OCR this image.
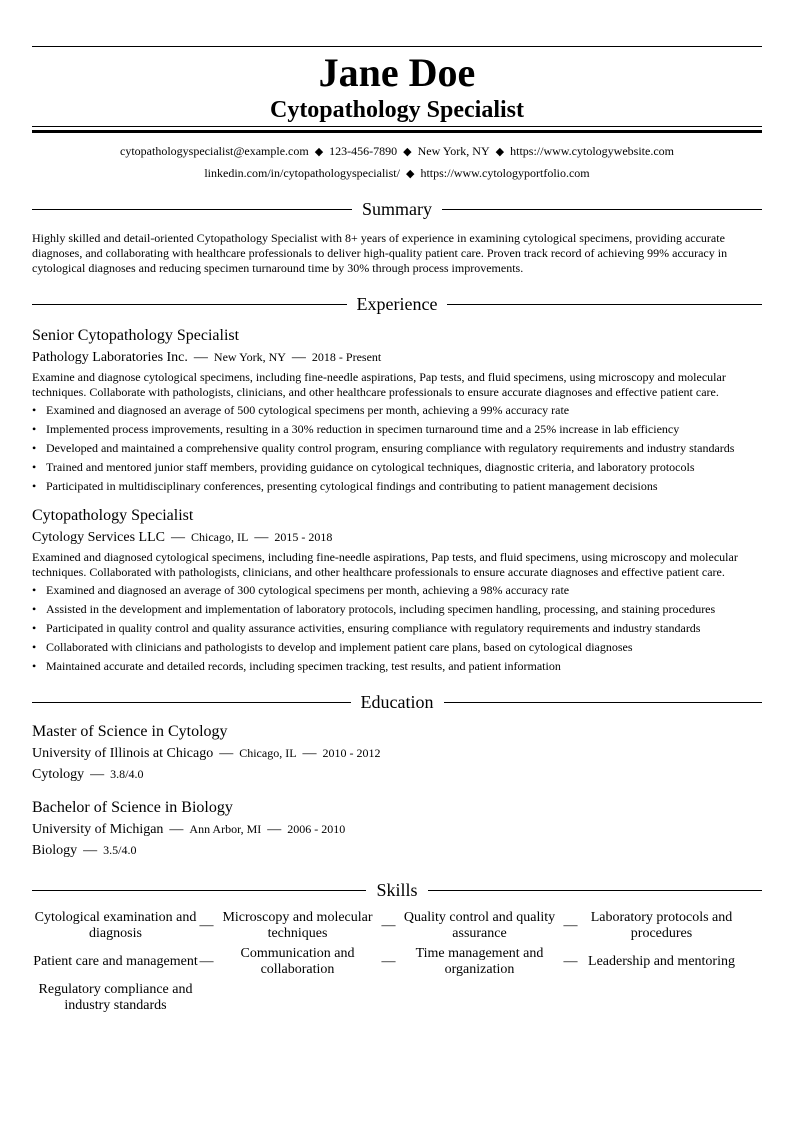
Jane Doe
Cytopathology Specialist
cytopathologyspecialist@example.com ◆ 123-456-7890 ◆ New York, NY ◆ https://www.cytologywebsite.com
linkedin.com/in/cytopathologyspecialist/ ◆ https://www.cytologyportfolio.com
Summary
Highly skilled and detail-oriented Cytopathology Specialist with 8+ years of experience in examining cytological specimens, providing accurate diagnoses, and collaborating with healthcare professionals to deliver high-quality patient care. Proven track record of achieving 99% accuracy in cytological diagnoses and reducing specimen turnaround time by 30% through process improvements.
Experience
Senior Cytopathology Specialist
Pathology Laboratories Inc. — New York, NY — 2018 - Present
Examine and diagnose cytological specimens, including fine-needle aspirations, Pap tests, and fluid specimens, using microscopy and molecular techniques. Collaborate with pathologists, clinicians, and other healthcare professionals to ensure accurate diagnoses and effective patient care.
• Examined and diagnosed an average of 500 cytological specimens per month, achieving a 99% accuracy rate
• Implemented process improvements, resulting in a 30% reduction in specimen turnaround time and a 25% increase in lab efficiency
• Developed and maintained a comprehensive quality control program, ensuring compliance with regulatory requirements and industry standards
• Trained and mentored junior staff members, providing guidance on cytological techniques, diagnostic criteria, and laboratory protocols
• Participated in multidisciplinary conferences, presenting cytological findings and contributing to patient management decisions
Cytopathology Specialist
Cytology Services LLC — Chicago, IL — 2015 - 2018
Examined and diagnosed cytological specimens, including fine-needle aspirations, Pap tests, and fluid specimens, using microscopy and molecular techniques. Collaborated with pathologists, clinicians, and other healthcare professionals to ensure accurate diagnoses and effective patient care.
• Examined and diagnosed an average of 300 cytological specimens per month, achieving a 98% accuracy rate
• Assisted in the development and implementation of laboratory protocols, including specimen handling, processing, and staining procedures
• Participated in quality control and quality assurance activities, ensuring compliance with regulatory requirements and industry standards
• Collaborated with clinicians and pathologists to develop and implement patient care plans, based on cytological diagnoses
• Maintained accurate and detailed records, including specimen tracking, test results, and patient information
Education
Master of Science in Cytology
University of Illinois at Chicago — Chicago, IL — 2010 - 2012
Cytology — 3.8/4.0
Bachelor of Science in Biology
University of Michigan — Ann Arbor, MI — 2006 - 2010
Biology — 3.5/4.0
Skills
Cytological examination and diagnosis
—
Microscopy and molecular techniques
—
Quality control and quality assurance
—
Laboratory protocols and procedures
Patient care and management —
Communication and collaboration
—
Time management and organization
— Leadership and mentoring
Regulatory compliance and industry standards
